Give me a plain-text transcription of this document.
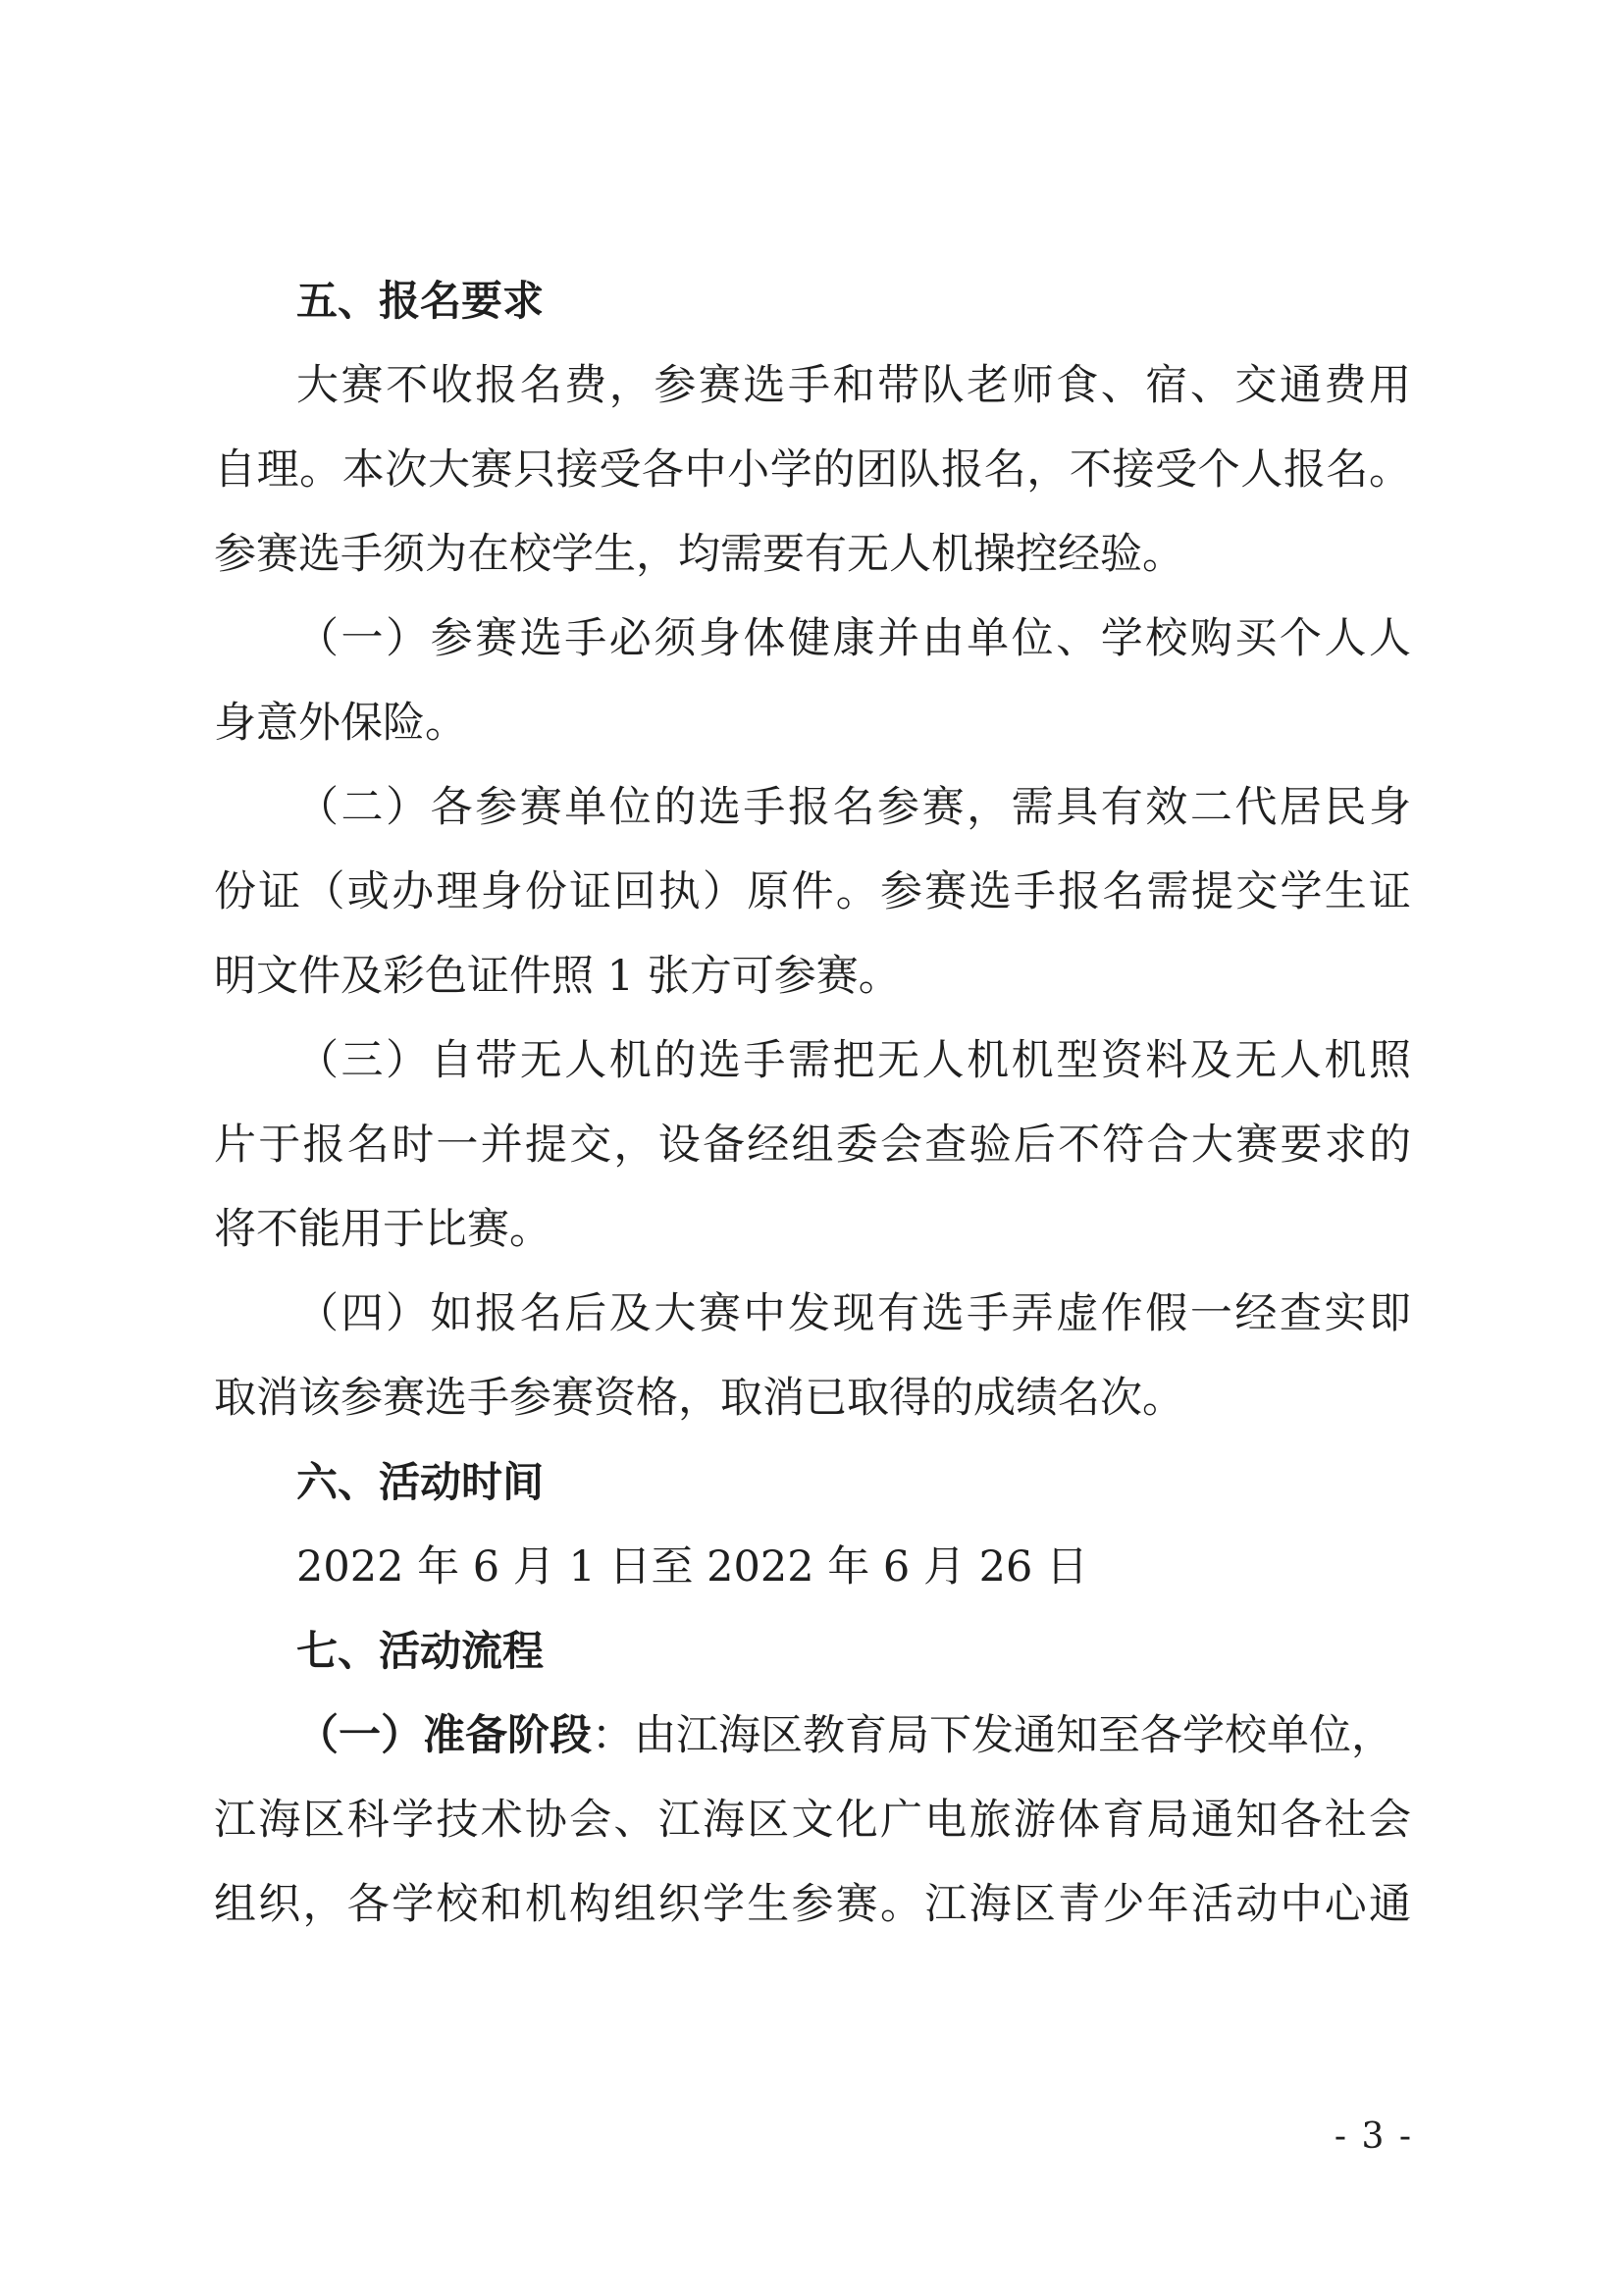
五、报名要求
大赛不收报名费，参赛选手和带队老师食、宿、交通费用
自理。本次大赛只接受各中小学的团队报名，不接受个人报名。
参赛选手须为在校学生，均需要有无人机操控经验。
（一）参赛选手必须身体健康并由单位、学校购买个人人
身意外保险。
（二）各参赛单位的选手报名参赛，需具有效二代居民身
份证（或办理身份证回执）原件。参赛选手报名需提交学生证
明文件及彩色证件照 1 张方可参赛。
（三）自带无人机的选手需把无人机机型资料及无人机照
片于报名时一并提交，设备经组委会查验后不符合大赛要求的
将不能用于比赛。
（四）如报名后及大赛中发现有选手弄虚作假一经查实即
取消该参赛选手参赛资格，取消已取得的成绩名次。
六、活动时间
2022 年 6 月 1 日至 2022 年 6 月 26 日
七、活动流程
（一）准备阶段：由江海区教育局下发通知至各学校单位，
江海区科学技术协会、江海区文化广电旅游体育局通知各社会
组织，各学校和机构组织学生参赛。江海区青少年活动中心通
- 3 -
